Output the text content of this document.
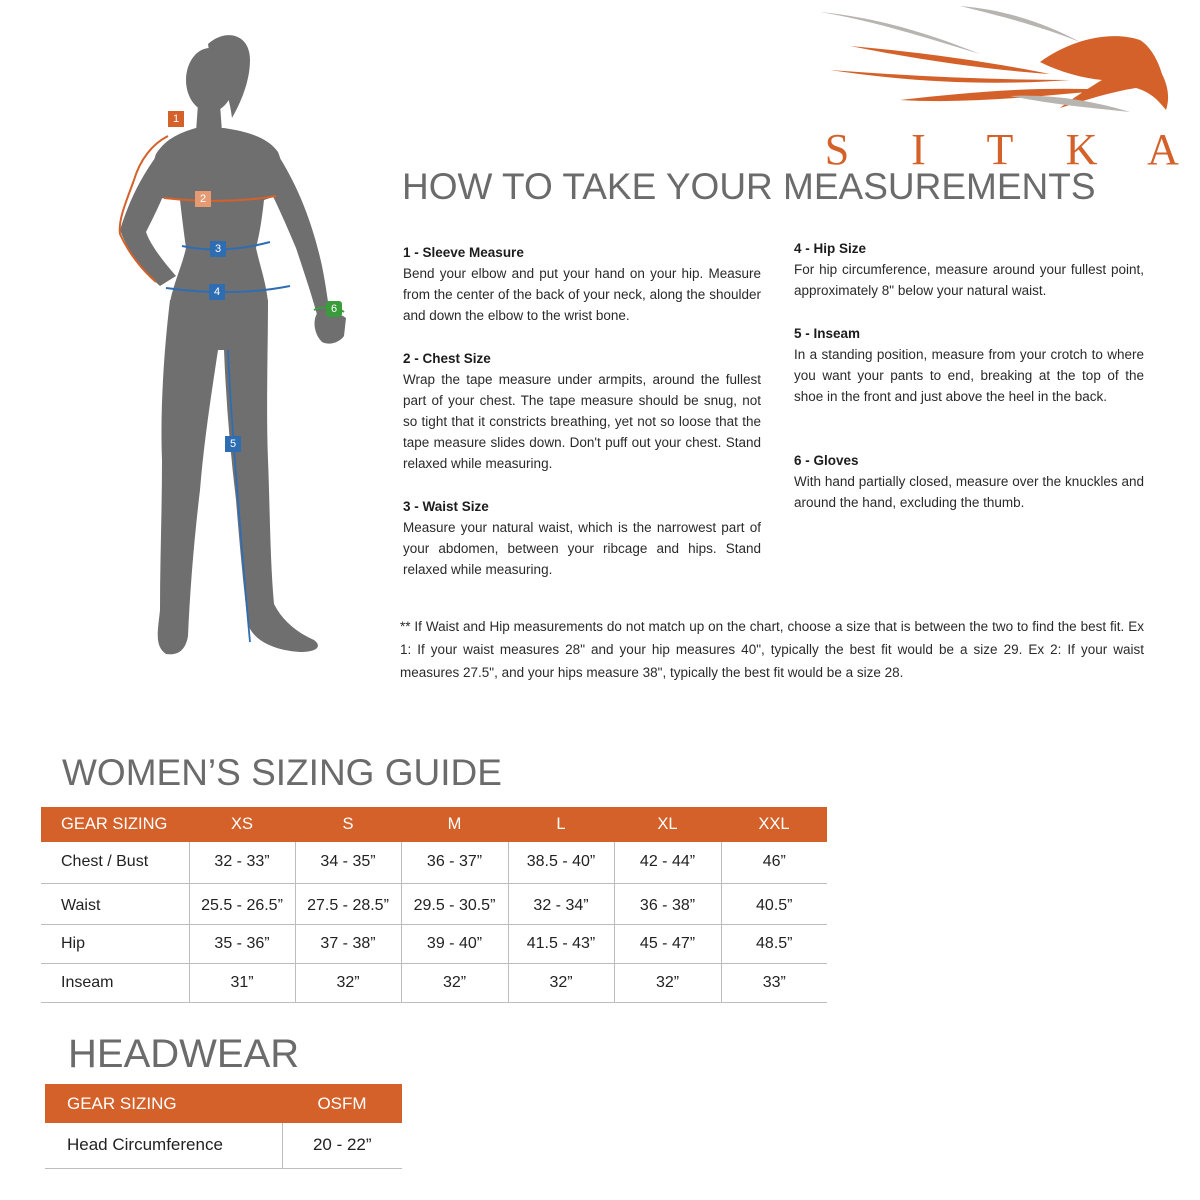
1
2
3
4
5
6
S I T K A
HOW TO TAKE YOUR MEASUREMENTS
1 - Sleeve Measure
Bend your elbow and put your hand on your hip. Measure from the center of the back of your neck, along the shoulder and down the elbow to the wrist bone.
2 - Chest Size
Wrap the tape measure under armpits, around the fullest part of your chest. The tape measure should be snug, not so tight that it constricts breathing, yet not so loose that the tape measure slides down. Don't puff out your chest. Stand relaxed while measuring.
3 - Waist Size
Measure your natural waist, which is the narrowest part of your abdomen, between your ribcage and hips. Stand relaxed while measuring.
4 - Hip Size
For hip circumference, measure around your fullest point, approximately 8" below your natural waist.
5 - Inseam
In a standing position, measure from your crotch to where you want your pants to end, breaking at the top of the shoe in the front and just above the heel in the back.
6 - Gloves
With hand partially closed, measure over the knuckles and around the hand, excluding the thumb.
** If Waist and Hip measurements do not match up on the chart, choose a size that is between the two to find the best fit. Ex 1: If your waist measures 28" and your hip measures 40", typically the best fit would be a size 29. Ex 2: If your waist measures 27.5", and your hips measure 38", typically the best fit would be a size 28.
WOMEN’S SIZING GUIDE
GEAR SIZING	XS	S	M	L	XL	XXL
Chest / Bust	32 - 33”	34 - 35”	36 - 37”	38.5 - 40”	42 - 44”	46”
Waist	25.5 - 26.5”	27.5 - 28.5”	29.5 - 30.5”	32 - 34”	36 - 38”	40.5”
Hip	35 - 36”	37 - 38”	39 - 40”	41.5 - 43”	45 - 47”	48.5”
Inseam	31”	32”	32”	32”	32”	33”
HEADWEAR
GEAR SIZING	OSFM
Head Circumference	20 - 22”
